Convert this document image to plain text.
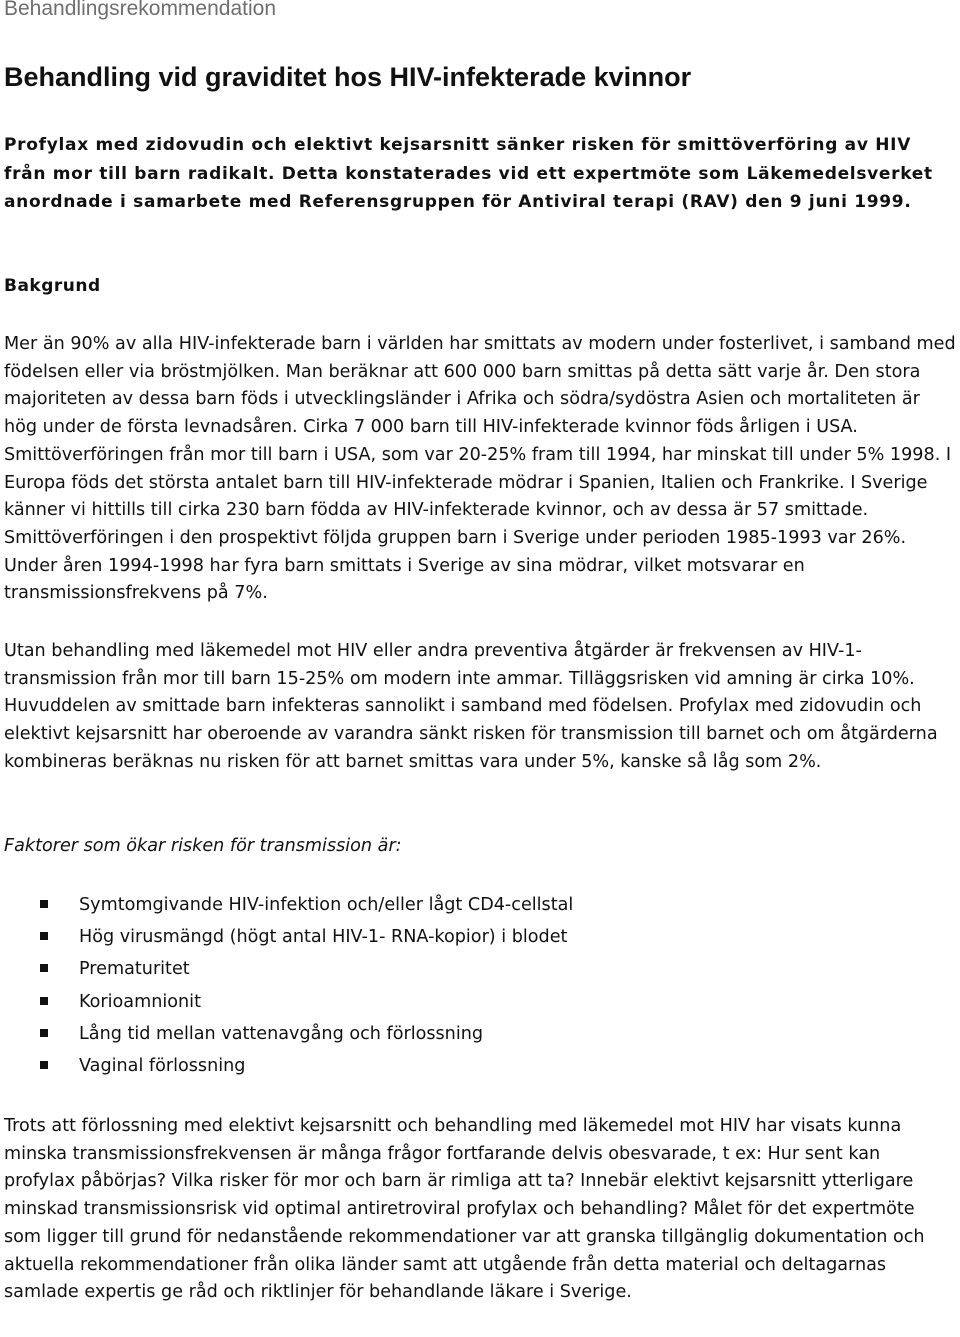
Behandlingsrekommendation
Behandling vid graviditet hos HIV-infekterade kvinnor

Profylax med zidovudin och elektivt kejsarsnitt sänker risken för smittöverföring av HIV från mor till barn radikalt. Detta konstaterades vid ett expertmöte som Läkemedelsverket anordnade i samarbete med Referensgruppen för Antiviral terapi (RAV) den 9 juni 1999.

Bakgrund

Mer än 90% av alla HIV-infekterade barn i världen har smittats av modern under fosterlivet, i samband med födelsen eller via bröstmjölken. Man beräknar att 600 000 barn smittas på detta sätt varje år. Den stora majoriteten av dessa barn föds i utvecklingsländer i Afrika och södra/sydöstra Asien och mortaliteten är hög under de första levnadsåren. Cirka 7 000 barn till HIV-infekterade kvinnor föds årligen i USA. Smittöverföringen från mor till barn i USA, som var 20-25% fram till 1994, har minskat till under 5% 1998. I Europa föds det största antalet barn till HIV-infekterade mödrar i Spanien, Italien och Frankrike. I Sverige känner vi hittills till cirka 230 barn födda av HIV-infekterade kvinnor, och av dessa är 57 smittade. Smittöverföringen i den prospektivt följda gruppen barn i Sverige under perioden 1985-1993 var 26%. Under åren 1994-1998 har fyra barn smittats i Sverige av sina mödrar, vilket motsvarar en transmissionsfrekvens på 7%.

Utan behandling med läkemedel mot HIV eller andra preventiva åtgärder är frekvensen av HIV-1-transmission från mor till barn 15-25% om modern inte ammar. Tilläggsrisken vid amning är cirka 10%. Huvuddelen av smittade barn infekteras sannolikt i samband med födelsen. Profylax med zidovudin och elektivt kejsarsnitt har oberoende av varandra sänkt risken för transmission till barnet och om åtgärderna kombineras beräknas nu risken för att barnet smittas vara under 5%, kanske så låg som 2%.

Faktorer som ökar risken för transmission är:

Symtomgivande HIV-infektion och/eller lågt CD4-cellstal
Hög virusmängd (högt antal HIV-1- RNA-kopior) i blodet
Prematuritet
Korioamnionit
Lång tid mellan vattenavgång och förlossning
Vaginal förlossning

Trots att förlossning med elektivt kejsarsnitt och behandling med läkemedel mot HIV har visats kunna minska transmissionsfrekvensen är många frågor fortfarande delvis obesvarade, t ex: Hur sent kan profylax påbörjas? Vilka risker för mor och barn är rimliga att ta? Innebär elektivt kejsarsnitt ytterligare minskad transmissionsrisk vid optimal antiretroviral profylax och behandling? Målet för det expertmöte som ligger till grund för nedanstående rekommendationer var att granska tillgänglig dokumentation och aktuella rekommendationer från olika länder samt att utgående från detta material och deltagarnas samlade expertis ge råd och riktlinjer för behandlande läkare i Sverige.
